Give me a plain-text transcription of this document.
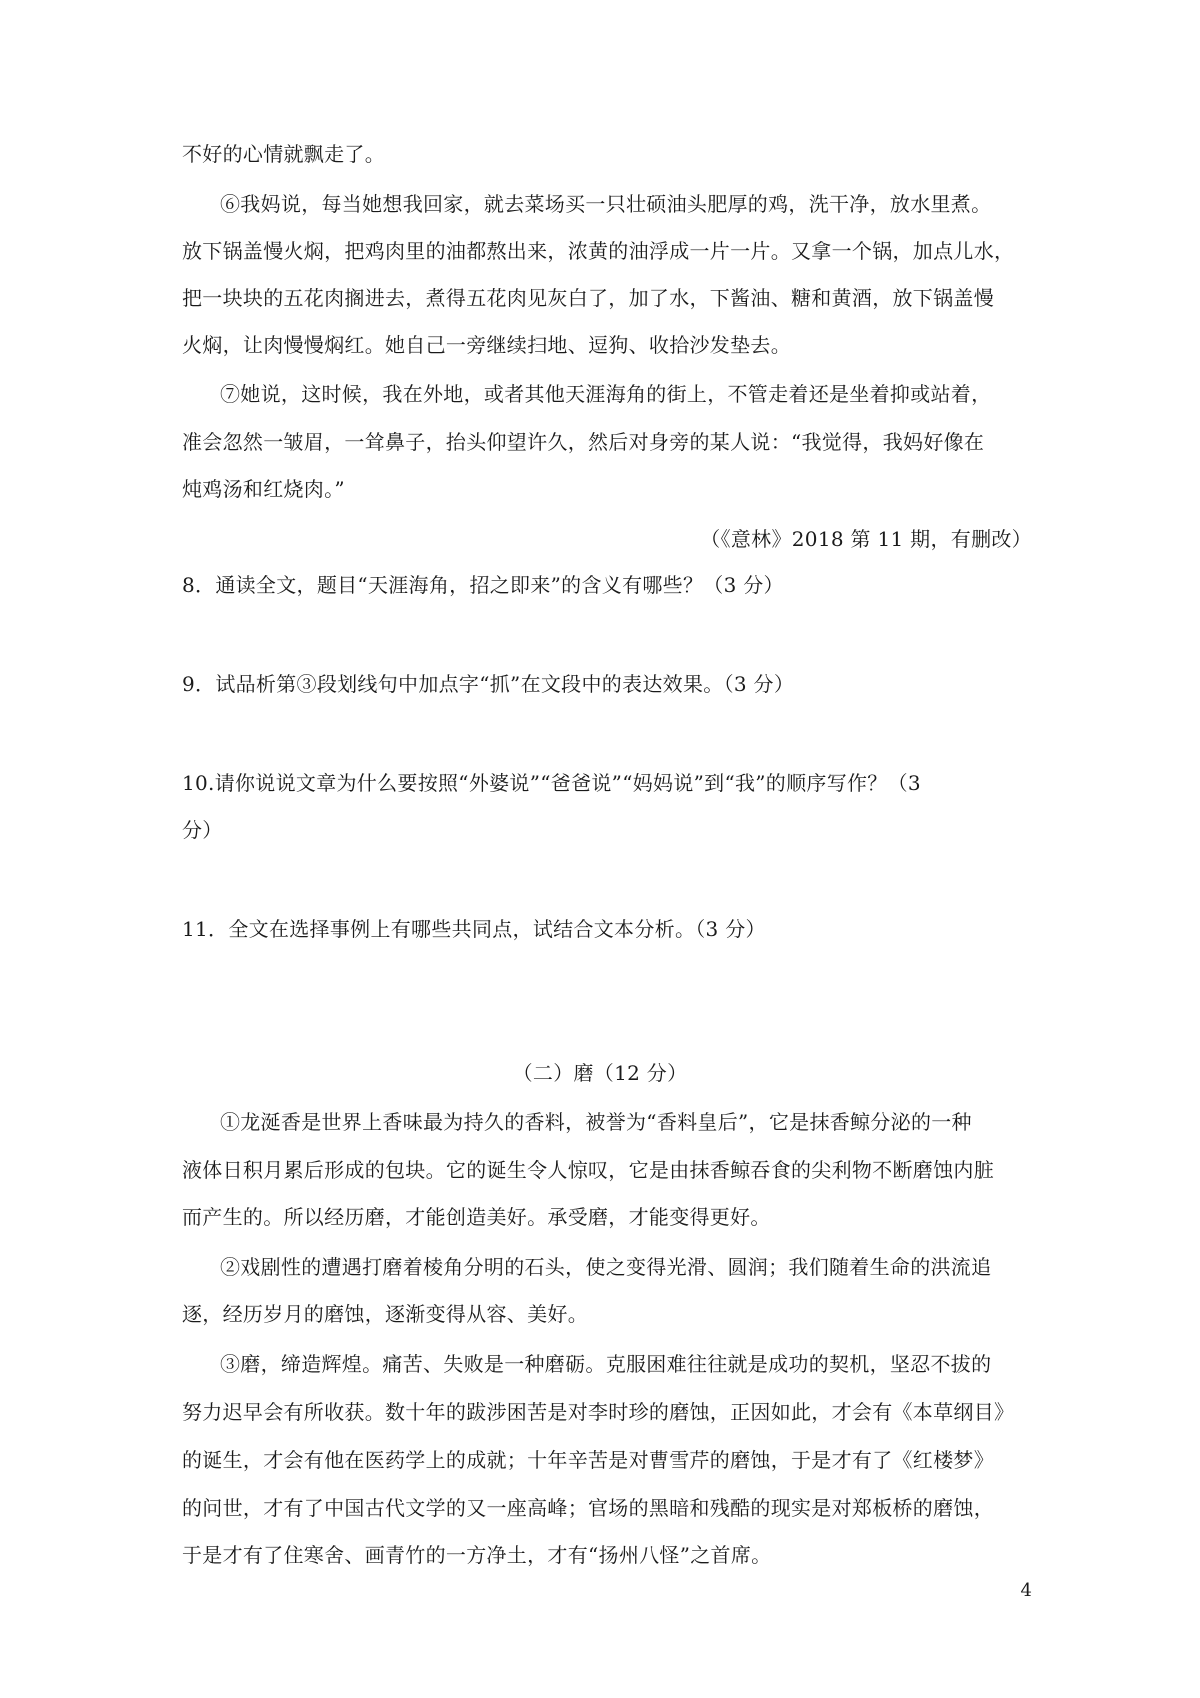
不好的心情就飘走了。
⑥我妈说，每当她想我回家，就去菜场买一只壮硕油头肥厚的鸡，洗干净，放水里煮。
放下锅盖慢火焖，把鸡肉里的油都熬出来，浓黄的油浮成一片一片。又拿一个锅，加点儿水，
把一块块的五花肉搁进去，煮得五花肉见灰白了，加了水，下酱油、糖和黄酒，放下锅盖慢
火焖，让肉慢慢焖红。她自己一旁继续扫地、逗狗、收拾沙发垫去。
⑦她说，这时候，我在外地，或者其他天涯海角的街上，不管走着还是坐着抑或站着，
准会忽然一皱眉，一耸鼻子，抬头仰望许久，然后对身旁的某人说：“我觉得，我妈好像在
炖鸡汤和红烧肉。”
（《意林》2018 第 11 期，有删改）
8．通读全文，题目“天涯海角，招之即来”的含义有哪些？（3 分）
9．试品析第③段划线句中加点字“抓”在文段中的表达效果。（3 分）
10.请你说说文章为什么要按照“外婆说”“爸爸说”“妈妈说”到“我”的顺序写作？（3
分）
11．全文在选择事例上有哪些共同点，试结合文本分析。（3 分）
（二）磨（12 分）
①龙涎香是世界上香味最为持久的香料，被誉为“香料皇后”，它是抹香鲸分泌的一种
液体日积月累后形成的包块。它的诞生令人惊叹，它是由抹香鲸吞食的尖利物不断磨蚀内脏
而产生的。所以经历磨，才能创造美好。承受磨，才能变得更好。
②戏剧性的遭遇打磨着棱角分明的石头，使之变得光滑、圆润；我们随着生命的洪流追
逐，经历岁月的磨蚀，逐渐变得从容、美好。
③磨，缔造辉煌。痛苦、失败是一种磨砺。克服困难往往就是成功的契机，坚忍不拔的
努力迟早会有所收获。数十年的跋涉困苦是对李时珍的磨蚀，正因如此，才会有《本草纲目》
的诞生，才会有他在医药学上的成就；十年辛苦是对曹雪芹的磨蚀，于是才有了《红楼梦》
的问世，才有了中国古代文学的又一座高峰；官场的黑暗和残酷的现实是对郑板桥的磨蚀，
于是才有了住寒舍、画青竹的一方净土，才有“扬州八怪”之首席。
4
